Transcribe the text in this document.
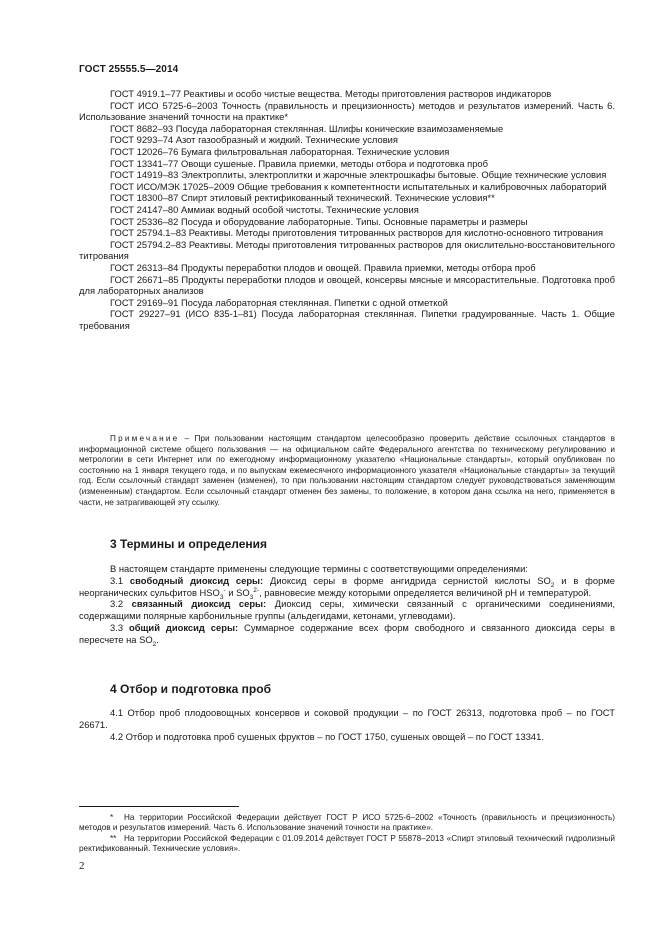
ГОСТ 25555.5—2014

ГОСТ 4919.1–77 Реактивы и особо чистые вещества. Методы приготовления растворов индикаторов

ГОСТ ИСО 5725-6–2003 Точность (правильность и прецизионность) методов и результатов измерений. Часть 6. Использование значений точности на практике*

ГОСТ 8682–93 Посуда лабораторная стеклянная. Шлифы конические взаимозаменяемые

ГОСТ 9293–74 Азот газообразный и жидкий. Технические условия

ГОСТ 12026–76 Бумага фильтровальная лабораторная. Технические условия

ГОСТ 13341–77 Овощи сушеные. Правила приемки, методы отбора и подготовка проб

ГОСТ 14919–83 Электроплиты, электроплитки и жарочные электрошкафы бытовые. Общие технические условия

ГОСТ ИСО/МЭК 17025–2009 Общие требования к компетентности испытательных и калибровочных лабораторий

ГОСТ 18300–87 Спирт этиловый ректификованный технический. Технические условия**

ГОСТ 24147–80 Аммиак водный особой чистоты. Технические условия

ГОСТ 25336–82 Посуда и оборудование лабораторные. Типы. Основные параметры и размеры

ГОСТ 25794.1–83 Реактивы. Методы приготовления титрованных растворов для кислотно-основного титрования

ГОСТ 25794.2–83 Реактивы. Методы приготовления титрованных растворов для окислительно-восстановительного титрования

ГОСТ 26313–84 Продукты переработки плодов и овощей. Правила приемки, методы отбора проб

ГОСТ 26671–85 Продукты переработки плодов и овощей, консервы мясные и мясорастительные. Подготовка проб для лабораторных анализов

ГОСТ 29169–91 Посуда лабораторная стеклянная. Пипетки с одной отметкой

ГОСТ 29227–91 (ИСО 835-1–81) Посуда лабораторная стеклянная. Пипетки градуированные. Часть 1. Общие требования

Примечание – При пользовании настоящим стандартом целесообразно проверить действие ссылочных стандартов в информационной системе общего пользования — на официальном сайте Федерального агентства по техническому регулированию и метрологии в сети Интернет или по ежегодному информационному указателю «Национальные стандарты», который опубликован по состоянию на 1 января текущего года, и по выпускам ежемесячного информационного указателя «Национальные стандарты» за текущий год. Если ссылочный стандарт заменен (изменен), то при пользовании настоящим стандартом следует руководствоваться заменяющим (измененным) стандартом. Если ссылочный стандарт отменен без замены, то положение, в котором дана ссылка на него, применяется в части, не затрагивающей эту ссылку.

3 Термины и определения

В настоящем стандарте применены следующие термины с соответствующими определениями:

3.1 свободный диоксид серы: Диоксид серы в форме ангидрида сернистой кислоты $SO_2$ и в форме неорганических сульфитов $HSO_3^-$ и $SO_3^{2-}$, равновесие между которыми определяется величиной pH и температурой.

3.2 связанный диоксид серы: Диоксид серы, химически связанный с органическими соединениями, содержащими полярные карбонильные группы (альдегидами, кетонами, углеводами).

3.3 общий диоксид серы: Суммарное содержание всех форм свободного и связанного диоксида серы в пересчете на $SO_2$.

4 Отбор и подготовка проб

4.1 Отбор проб плодоовощных консервов и соковой продукции – по ГОСТ 26313, подготовка проб – по ГОСТ 26671.

4.2 Отбор и подготовка проб сушеных фруктов – по ГОСТ 1750, сушеных овощей – по ГОСТ 13341.

* На территории Российской Федерации действует ГОСТ Р ИСО 5725-6–2002 «Точность (правильность и прецизионность) методов и результатов измерений. Часть 6. Использование значений точности на практике».

** На территории Российской Федерации с 01.09.2014 действует ГОСТ Р 55878–2013 «Спирт этиловый технический гидролизный ректификованный. Технические условия».

2
